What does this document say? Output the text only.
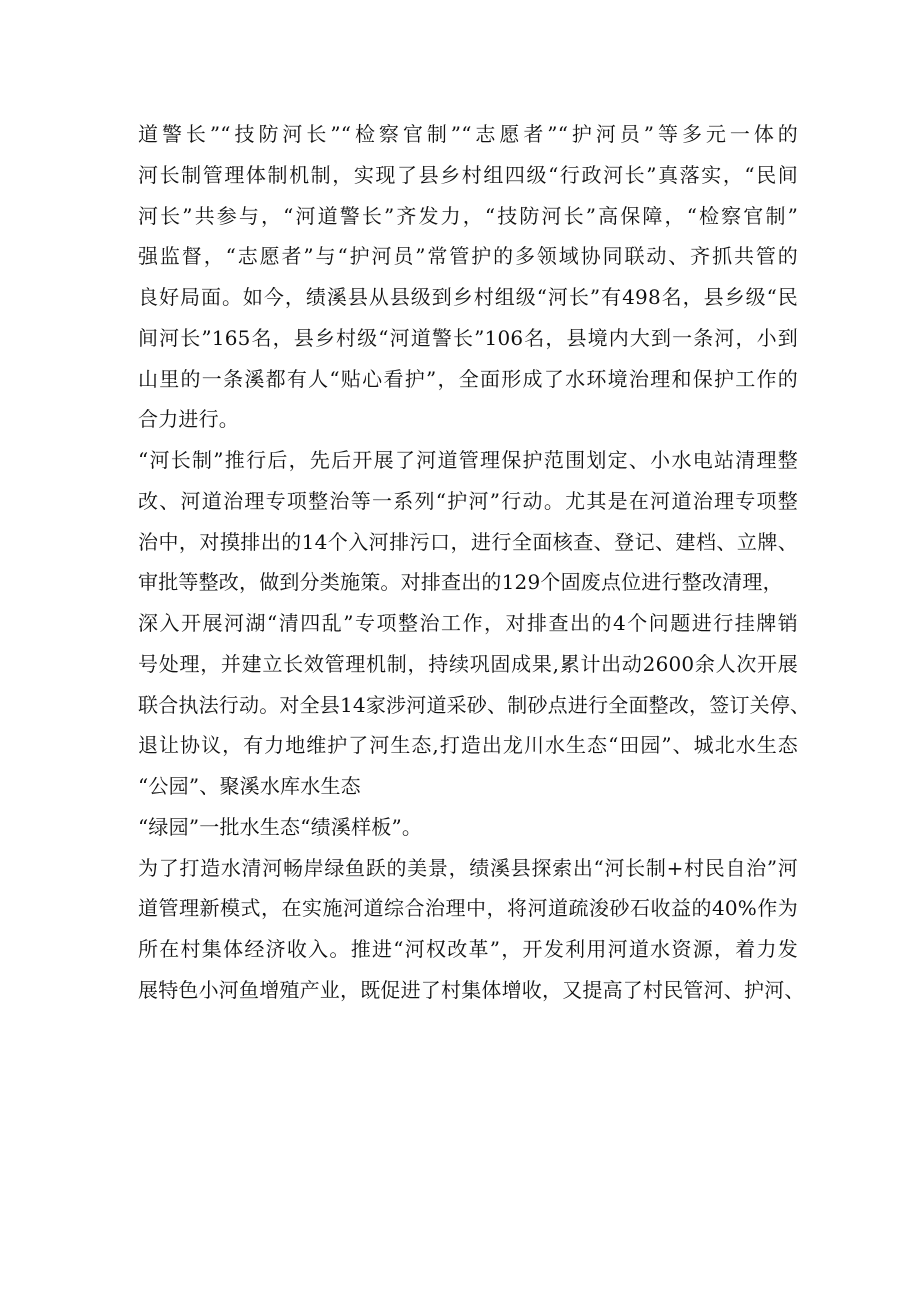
道警长”“技防河长”“检察官制”“志愿者”“护河员”等多元一体的
河长制管理体制机制，实现了县乡村组四级“行政河长”真落实，“民间
河长”共参与，“河道警长”齐发力，“技防河长”高保障，“检察官制”
强监督，“志愿者”与“护河员”常管护的多领域协同联动、齐抓共管的
良好局面。如今，绩溪县从县级到乡村组级“河长”有498名，县乡级“民
间河长”165名，县乡村级“河道警长”106名，县境内大到一条河，小到
山里的一条溪都有人“贴心看护”，全面形成了水环境治理和保护工作的
合力进行。
“河长制”推行后，先后开展了河道管理保护范围划定、小水电站清理整
改、河道治理专项整治等一系列“护河”行动。尤其是在河道治理专项整
治中，对摸排出的14个入河排污口，进行全面核查、登记、建档、立牌、
审批等整改，做到分类施策。对排查出的129个固废点位进行整改清理，
深入开展河湖“清四乱”专项整治工作，对排查出的4个问题进行挂牌销
号处理，并建立长效管理机制，持续巩固成果,累计出动2600余人次开展
联合执法行动。对全县14家涉河道采砂、制砂点进行全面整改，签订关停、
退让协议，有力地维护了河生态,打造出龙川水生态“田园”、城北水生态
“公园”、聚溪水库水生态
“绿园”一批水生态“绩溪样板”。
为了打造水清河畅岸绿鱼跃的美景，绩溪县探索出“河长制+村民自治”河
道管理新模式，在实施河道综合治理中，将河道疏浚砂石收益的40%作为
所在村集体经济收入。推进“河权改革”，开发利用河道水资源，着力发
展特色小河鱼增殖产业，既促进了村集体增收，又提高了村民管河、护河、
